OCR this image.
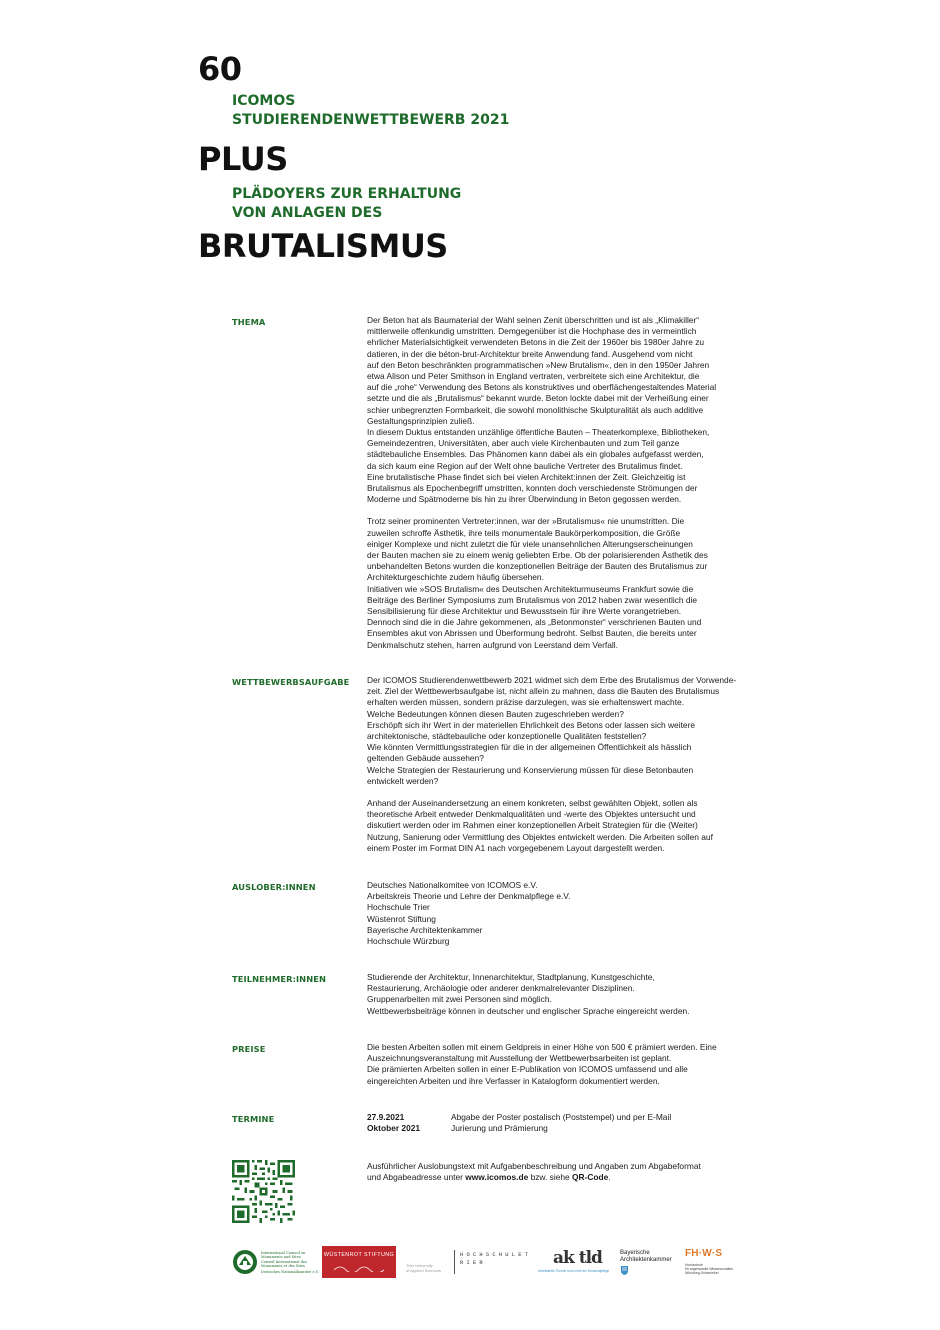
60
ICOMOS
STUDIERENDENWETTBEWERB 2021
PLUS
PLÄDOYERS ZUR ERHALTUNG
VON ANLAGEN DES
BRUTALISMUS
THEMA	Der Beton hat als Baumaterial der Wahl seinen Zenit überschritten und ist als „Klimakiller“
mittlerweile offenkundig umstritten. Demgegenüber ist die Hochphase des in vermeintlich
ehrlicher Materialsichtigkeit verwendeten Betons in die Zeit der 1960er bis 1980er Jahre zu
datieren, in der die béton-brut-Architektur breite Anwendung fand. Ausgehend vom nicht
auf den Beton beschränkten programmatischen »New Brutalism«, den in den 1950er Jahren
etwa Alison und Peter Smithson in England vertraten, verbreitete sich eine Architektur, die
auf die „rohe“ Verwendung des Betons als konstruktives und oberflächengestaltendes Material
setzte und die als „Brutalismus“ bekannt wurde. Beton lockte dabei mit der Verheißung einer
schier unbegrenzten Formbarkeit, die sowohl monolithische Skulpturalität als auch additive
Gestaltungsprinzipien zuließ.
In diesem Duktus entstanden unzählige öffentliche Bauten – Theaterkomplexe, Bibliotheken,
Gemeindezentren, Universitäten, aber auch viele Kirchenbauten und zum Teil ganze
städtebauliche Ensembles. Das Phänomen kann dabei als ein globales aufgefasst werden,
da sich kaum eine Region auf der Welt ohne bauliche Vertreter des Brutalimus findet.
Eine brutalistische Phase findet sich bei vielen Architekt:innen der Zeit. Gleichzeitig ist
Brutalismus als Epochenbegriff umstritten, konnten doch verschiedenste Strömungen der
Moderne und Spätmoderne bis hin zu ihrer Überwindung in Beton gegossen werden.

Trotz seiner prominenten Vertreter:innen, war der »Brutalismus« nie unumstritten. Die
zuweilen schroffe Ästhetik, ihre teils monumentale Baukörperkomposition, die Größe
einiger Komplexe und nicht zuletzt die für viele unansehnlichen Alterungserscheinungen
der Bauten machen sie zu einem wenig geliebten Erbe. Ob der polarisierenden Ästhetik des
unbehandelten Betons wurden die konzeptionellen Beiträge der Bauten des Brutalismus zur
Architekturgeschichte zudem häufig übersehen.
Initiativen wie »SOS Brutalism« des Deutschen Architekturmuseums Frankfurt sowie die
Beiträge des Berliner Symposiums zum Brutalismus von 2012 haben zwar wesentlich die
Sensibilisierung für diese Architektur und Bewusstsein für ihre Werte vorangetrieben.
Dennoch sind die in die Jahre gekommenen, als „Betonmonster“ verschrienen Bauten und
Ensembles akut von Abrissen und Überformung bedroht. Selbst Bauten, die bereits unter
Denkmalschutz stehen, harren aufgrund von Leerstand dem Verfall.

WETTBEWERBSAUFGABE Der ICOMOS Studierendenwettbewerb 2021 widmet sich dem Erbe des Brutalismus der Vorwende-
zeit. Ziel der Wettbewerbsaufgabe ist, nicht allein zu mahnen, dass die Bauten des Brutalismus
erhalten werden müssen, sondern präzise darzulegen, was sie erhaltenswert machte.
Welche Bedeutungen können diesen Bauten zugeschrieben werden?
Erschöpft sich ihr Wert in der materiellen Ehrlichkeit des Betons oder lassen sich weitere
architektonische, städtebauliche oder konzeptionelle Qualitäten feststellen?
Wie könnten Vermittlungsstrategien für die in der allgemeinen Öffentlichkeit als hässlich
geltenden Gebäude aussehen?
Welche Strategien der Restaurierung und Konservierung müssen für diese Betonbauten
entwickelt werden?

Anhand der Auseinandersetzung an einem konkreten, selbst gewählten Objekt, sollen als
theoretische Arbeit entweder Denkmalqualitäten und -werte des Objektes untersucht und
diskutiert werden oder im Rahmen einer konzeptionellen Arbeit Strategien für die (Weiter)
Nutzung, Sanierung oder Vermittlung des Objektes entwickelt werden. Die Arbeiten sollen auf
einem Poster im Format DIN A1 nach vorgegebenem Layout dargestellt werden.

AUSLOBER:INNEN	Deutsches Nationalkomitee von ICOMOS e.V.
Arbeitskreis Theorie und Lehre der Denkmalpflege e.V.
Hochschule Trier
Wüstenrot Stiftung
Bayerische Architektenkammer
Hochschule Würzburg

TEILNEHMER:INNEN	Studierende der Architektur, Innenarchitektur, Stadtplanung, Kunstgeschichte,
Restaurierung, Archäologie oder anderer denkmalrelevanter Disziplinen.
Gruppenarbeiten mit zwei Personen sind möglich.
Wettbewerbsbeiträge können in deutscher und englischer Sprache eingereicht werden.

PREISE	Die besten Arbeiten sollen mit einem Geldpreis in einer Höhe von 500 € prämiert werden. Eine
Auszeichnungsveranstaltung mit Ausstellung der Wettbewerbsarbeiten ist geplant.
Die prämierten Arbeiten sollen in einer E-Publikation von ICOMOS umfassend und alle
eingereichten Arbeiten und ihre Verfasser in Katalogform dokumentiert werden.

TERMINE	27.9.2021	Abgabe der Poster postalisch (Poststempel) und per E-Mail
Oktober 2021	Jurierung und Prämierung
Ausführlicher Auslobungstext mit Aufgabenbeschreibung und Angaben zum Abgabeformat
und Abgabeadresse unter www.icomos.de bzw. siehe QR-Code.
International Council on Monuments and Sites
Conseil International des Monuments et des Sites
Deutsches Nationalkomitee e.V.
WÜSTENROT STIFTUNG
Trier University
of Applied Sciences
H O C H S C H U L E T R I E R	ak tld
Arbeitskreis Theorie und Lehre der Denkmalpflege
Bayerische
Architektenkammer
FH·W·S
Hochschule
für angewandte Wissenschaften
Würzburg-Schweinfurt
